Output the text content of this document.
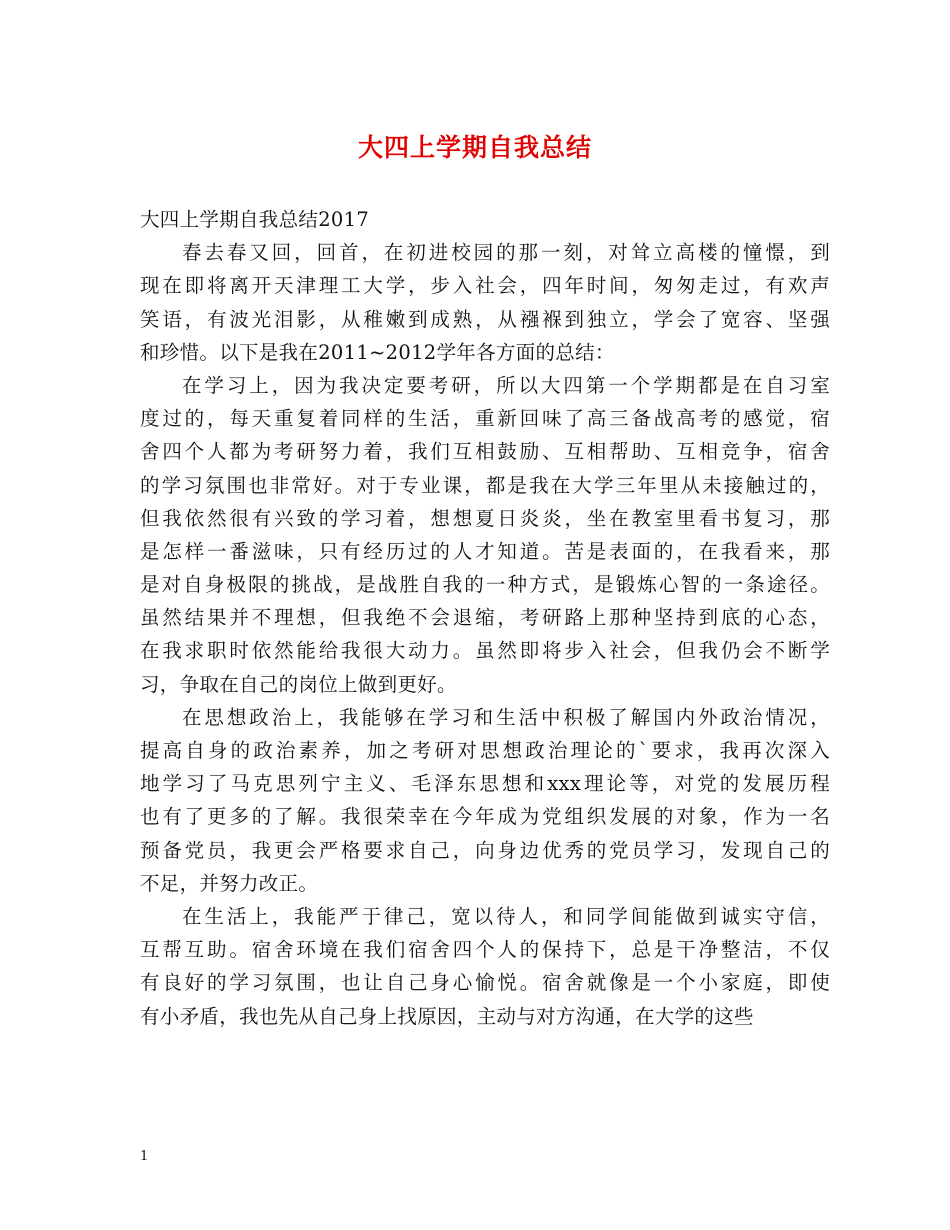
大四上学期自我总结
大四上学期自我总结2017
春去春又回，回首，在初进校园的那一刻，对耸立高楼的憧憬，到
现在即将离开天津理工大学，步入社会，四年时间，匆匆走过，有欢声
笑语，有波光泪影，从稚嫩到成熟，从襁褓到独立，学会了宽容、坚强
和珍惜。以下是我在2011~2012学年各方面的总结：
在学习上，因为我决定要考研，所以大四第一个学期都是在自习室
度过的，每天重复着同样的生活，重新回味了高三备战高考的感觉，宿
舍四个人都为考研努力着，我们互相鼓励、互相帮助、互相竞争，宿舍
的学习氛围也非常好。对于专业课，都是我在大学三年里从未接触过的，
但我依然很有兴致的学习着，想想夏日炎炎，坐在教室里看书复习，那
是怎样一番滋味，只有经历过的人才知道。苦是表面的，在我看来，那
是对自身极限的挑战，是战胜自我的一种方式，是锻炼心智的一条途径。
虽然结果并不理想，但我绝不会退缩，考研路上那种坚持到底的心态，
在我求职时依然能给我很大动力。虽然即将步入社会，但我仍会不断学
习，争取在自己的岗位上做到更好。
在思想政治上，我能够在学习和生活中积极了解国内外政治情况，
提高自身的政治素养，加之考研对思想政治理论的`要求，我再次深入
地学习了马克思列宁主义、毛泽东思想和xxx理论等，对党的发展历程
也有了更多的了解。我很荣幸在今年成为党组织发展的对象，作为一名
预备党员，我更会严格要求自己，向身边优秀的党员学习，发现自己的
不足，并努力改正。
在生活上，我能严于律己，宽以待人，和同学间能做到诚实守信，
互帮互助。宿舍环境在我们宿舍四个人的保持下，总是干净整洁，不仅
有良好的学习氛围，也让自己身心愉悦。宿舍就像是一个小家庭，即使
有小矛盾，我也先从自己身上找原因，主动与对方沟通，在大学的这些
1
